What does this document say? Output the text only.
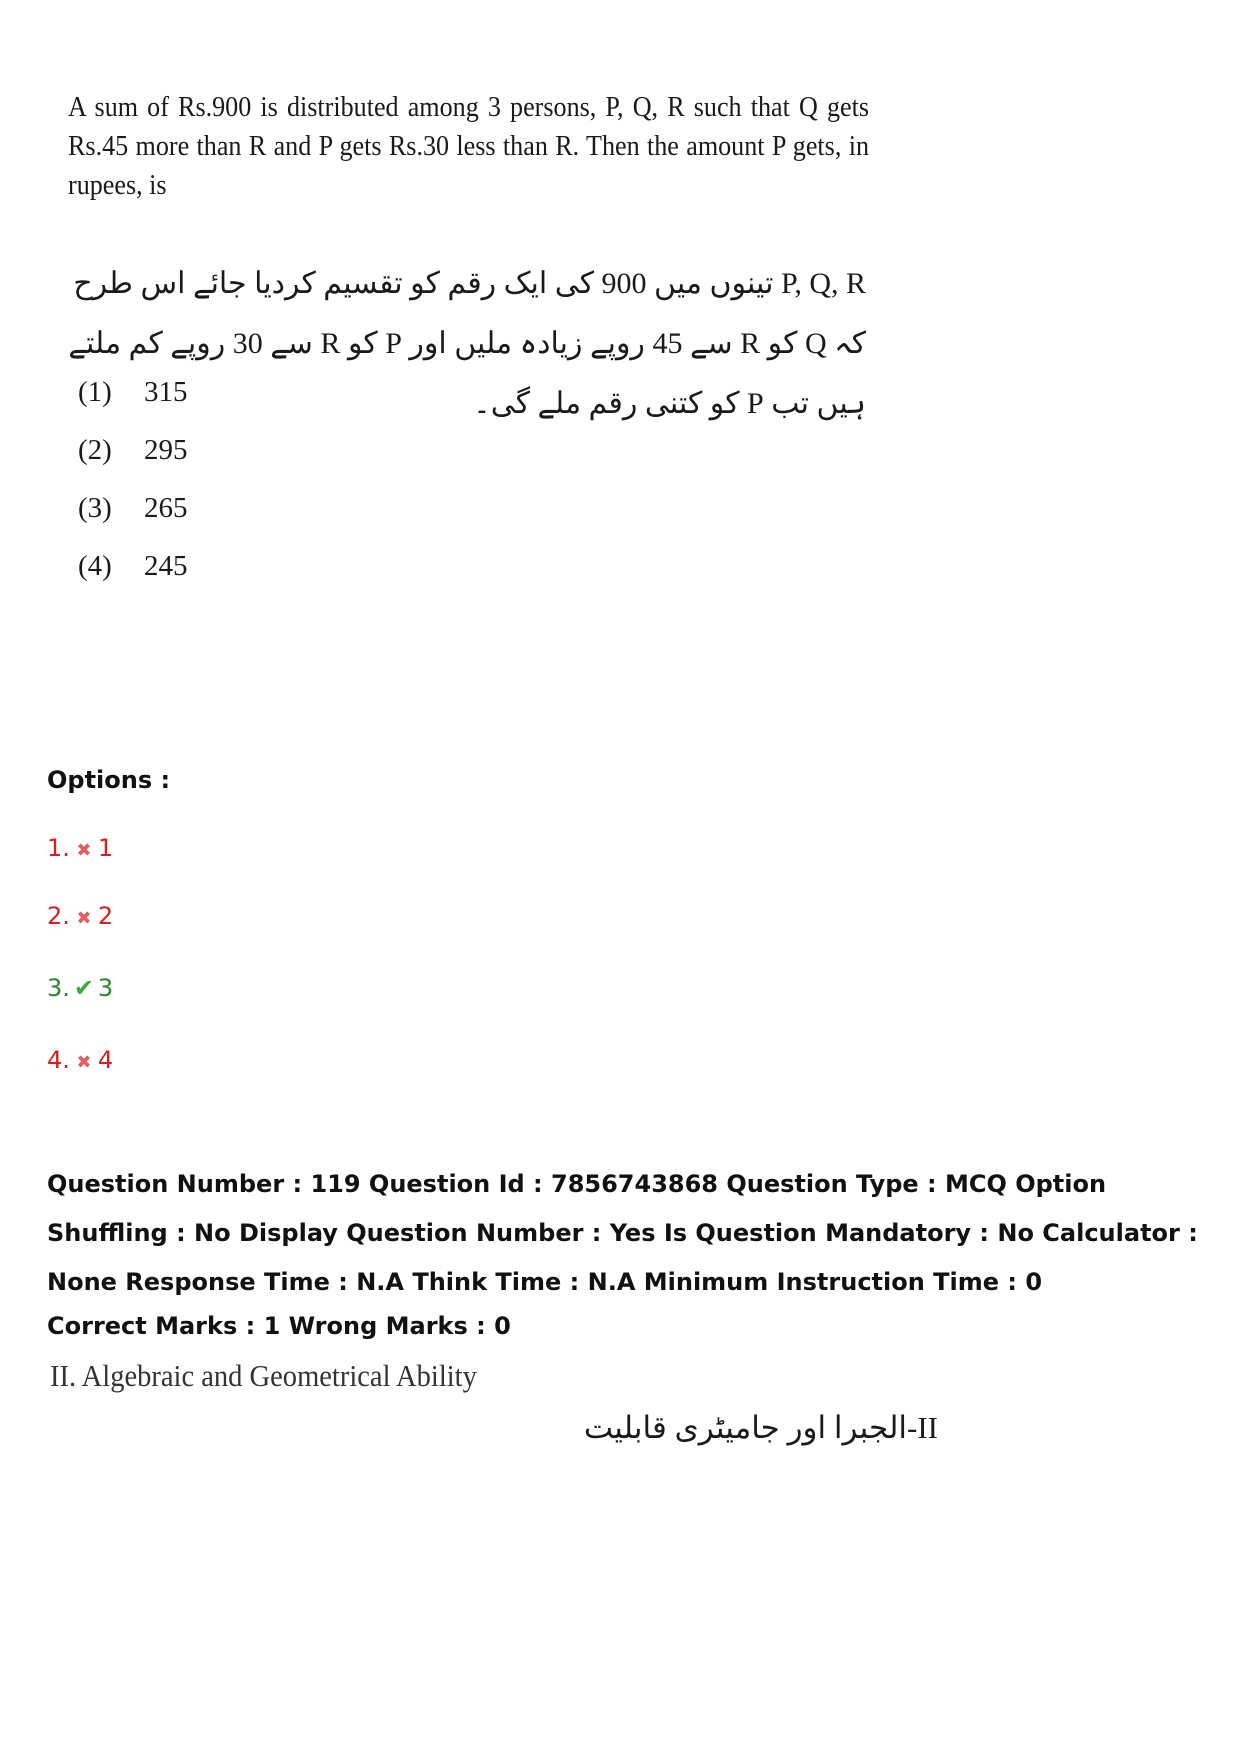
A sum of Rs.900 is distributed among 3 persons, P, Q, R such that Q gets Rs.45 more than R and P gets Rs.30 less than R. Then the amount P gets, in rupees, is
P, Q, R تینوں میں 900 کی ایک رقم کو تقسیم کردیا جائے اس طرح کہ Q کو R سے 45 روپے زیادہ ملیں اور P کو R سے 30 روپے کم ملتے ہیں تب P کو کتنی رقم ملے گی۔
(1) 315
(2) 295
(3) 265
(4) 245
Options :
1. ✖ 1
2. ✖ 2
3. ✔ 3
4. ✖ 4
Question Number : 119 Question Id : 7856743868 Question Type : MCQ Option Shuffling : No Display Question Number : Yes Is Question Mandatory : No Calculator : None Response Time : N.A Think Time : N.A Minimum Instruction Time : 0
Correct Marks : 1 Wrong Marks : 0
II. Algebraic and Geometrical Ability
II-الجبرا اور جامیٹری قابلیت
